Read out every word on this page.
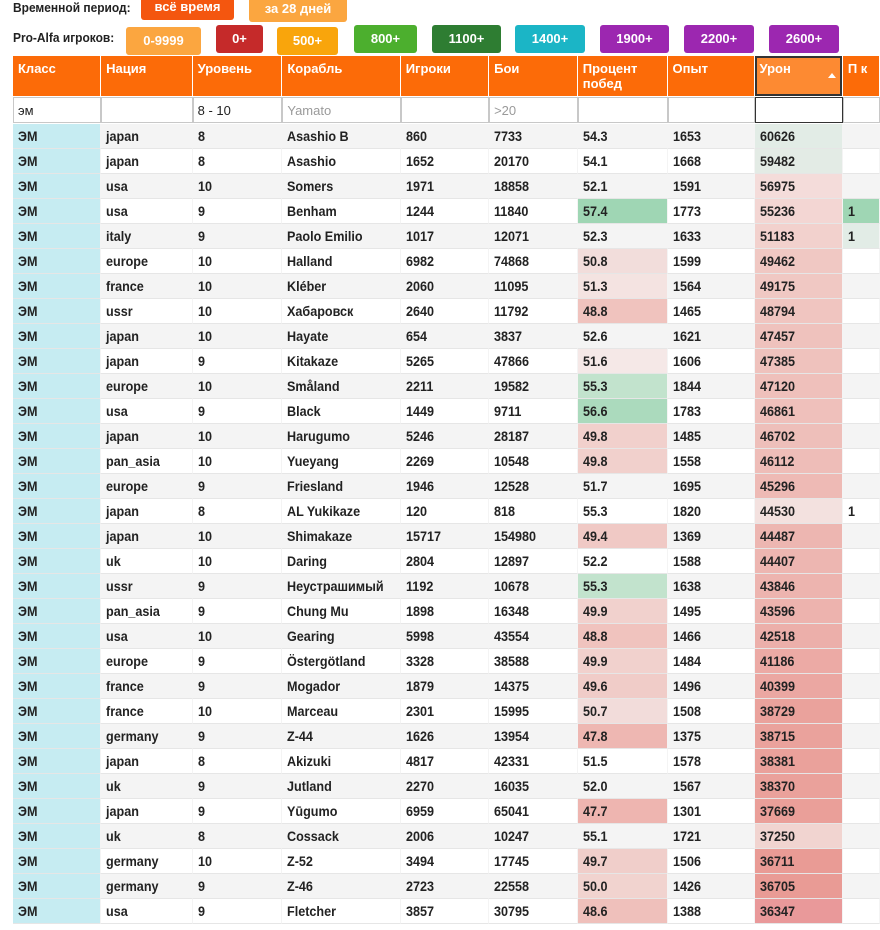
Временной период:	всё время	за 28 дней
Pro-Alfa игроков:	0-9999	0+	500+	800+	1100+	1400+	1900+	2200+	2600+
Класс	Нация	Уровень	Корабль	Игроки	Бои	Процент побед	Опыт	Урон	П к
эм		8 - 10	Yamato		>20				
ЭМ	japan	8	Asashio B	860	7733	54.3	1653	60626	
ЭМ	japan	8	Asashio	1652	20170	54.1	1668	59482	
ЭМ	usa	10	Somers	1971	18858	52.1	1591	56975	
ЭМ	usa	9	Benham	1244	11840	57.4	1773	55236	1
ЭМ	italy	9	Paolo Emilio	1017	12071	52.3	1633	51183	1
ЭМ	europe	10	Halland	6982	74868	50.8	1599	49462	
ЭМ	france	10	Kléber	2060	11095	51.3	1564	49175	
ЭМ	ussr	10	Хабаровск	2640	11792	48.8	1465	48794	
ЭМ	japan	10	Hayate	654	3837	52.6	1621	47457	
ЭМ	japan	9	Kitakaze	5265	47866	51.6	1606	47385	
ЭМ	europe	10	Småland	2211	19582	55.3	1844	47120	
ЭМ	usa	9	Black	1449	9711	56.6	1783	46861	
ЭМ	japan	10	Harugumo	5246	28187	49.8	1485	46702	
ЭМ	pan_asia	10	Yueyang	2269	10548	49.8	1558	46112	
ЭМ	europe	9	Friesland	1946	12528	51.7	1695	45296	
ЭМ	japan	8	AL Yukikaze	120	818	55.3	1820	44530	1
ЭМ	japan	10	Shimakaze	15717	154980	49.4	1369	44487	
ЭМ	uk	10	Daring	2804	12897	52.2	1588	44407	
ЭМ	ussr	9	Неустрашимый	1192	10678	55.3	1638	43846	
ЭМ	pan_asia	9	Chung Mu	1898	16348	49.9	1495	43596	
ЭМ	usa	10	Gearing	5998	43554	48.8	1466	42518	
ЭМ	europe	9	Östergötland	3328	38588	49.9	1484	41186	
ЭМ	france	9	Mogador	1879	14375	49.6	1496	40399	
ЭМ	france	10	Marceau	2301	15995	50.7	1508	38729	
ЭМ	germany	9	Z-44	1626	13954	47.8	1375	38715	
ЭМ	japan	8	Akizuki	4817	42331	51.5	1578	38381	
ЭМ	uk	9	Jutland	2270	16035	52.0	1567	38370	
ЭМ	japan	9	Yūgumo	6959	65041	47.7	1301	37669	
ЭМ	uk	8	Cossack	2006	10247	55.1	1721	37250	
ЭМ	germany	10	Z-52	3494	17745	49.7	1506	36711	
ЭМ	germany	9	Z-46	2723	22558	50.0	1426	36705	
ЭМ	usa	9	Fletcher	3857	30795	48.6	1388	36347	
